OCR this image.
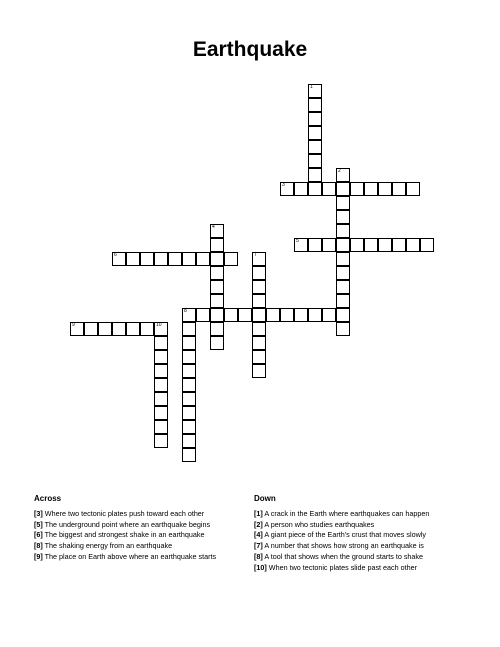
Earthquake
1
2
3
4
5
6	7
8
9	10
Across
[3] Where two tectonic plates push toward each other
[5] The underground point where an earthquake begins
[6] The biggest and strongest shake in an earthquake
[8] The shaking energy from an earthquake
[9] The place on Earth above where an earthquake starts
Down
[1] A crack in the Earth where earthquakes can happen
[2] A person who studies earthquakes
[4] A giant piece of the Earth's crust that moves slowly
[7] A number that shows how strong an earthquake is
[8] A tool that shows when the ground starts to shake
[10] When two tectonic plates slide past each other
